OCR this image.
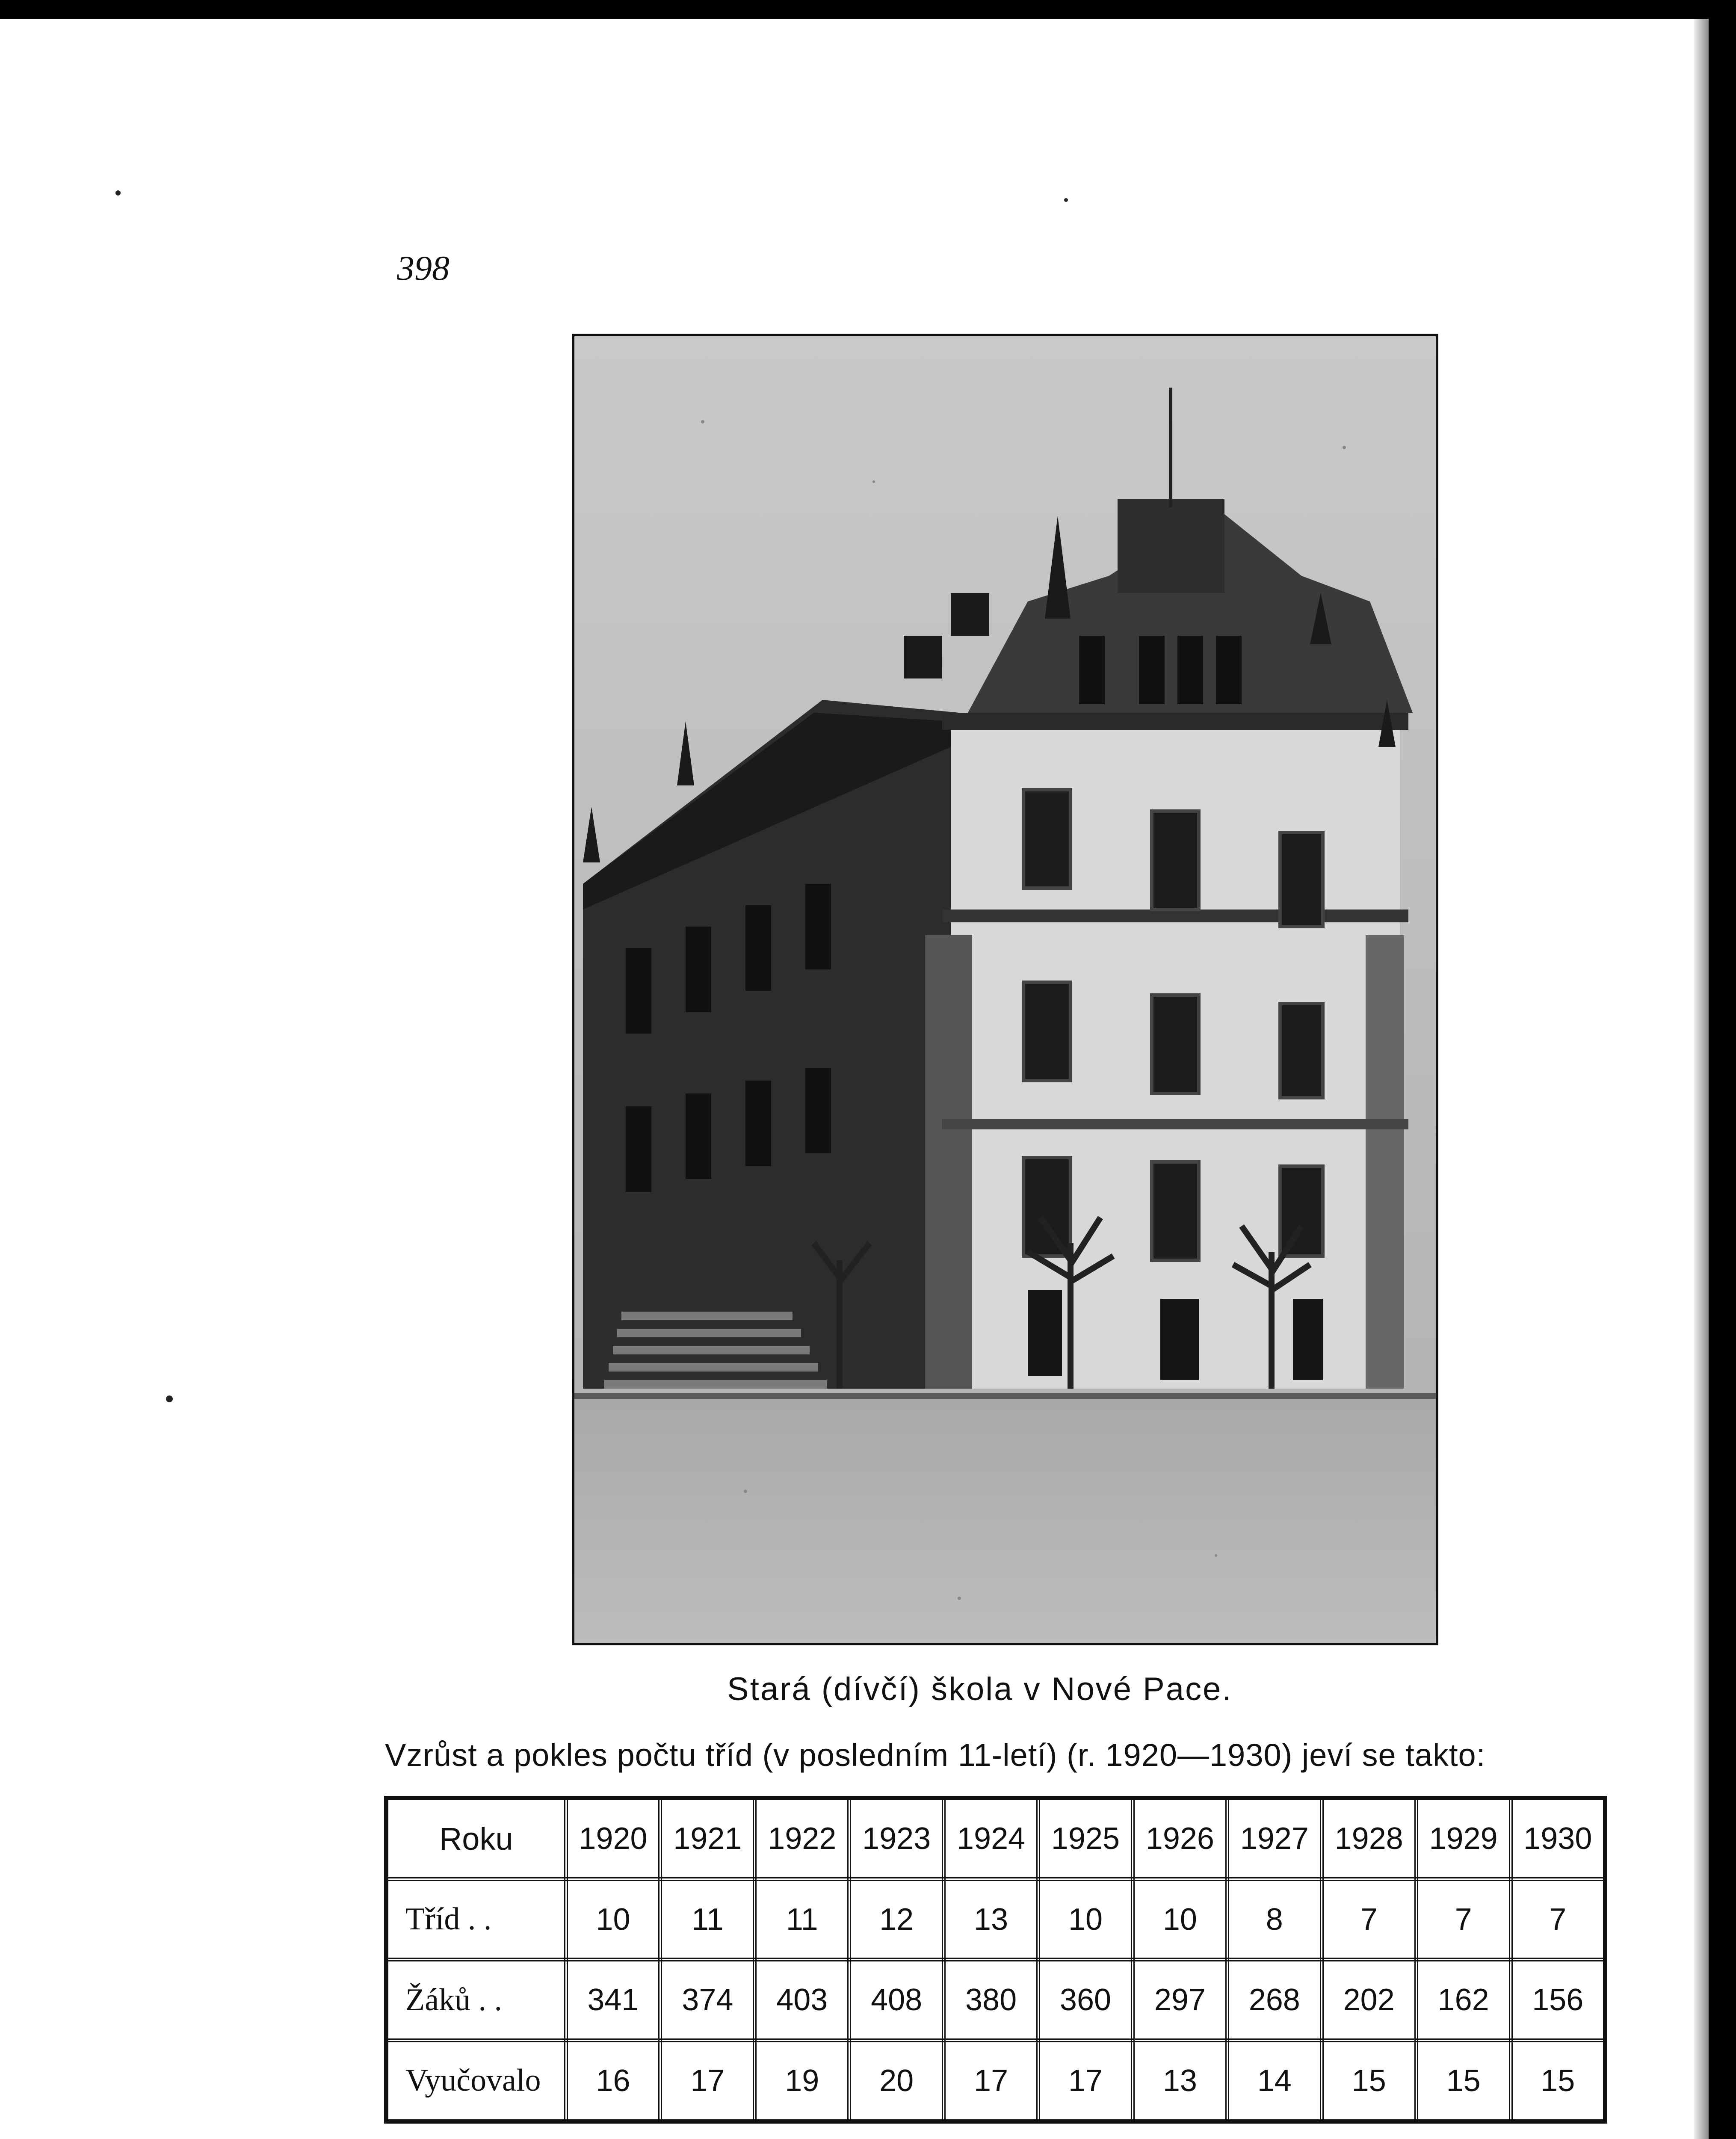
398
Stará (dívčí) škola v Nové Pace.
Vzrůst a pokles počtu tříd (v posledním 11-letí) (r. 1920—1930) jeví se takto:
Roku	1920	1921	1922	1923	1924	1925	1926	1927	1928	1929	1930
Tříd . .	10	11	11	12	13	10	10	8	7	7	7
Žáků . .	341	374	403	408	380	360	297	268	202	162	156
Vyučovalo	16	17	19	20	17	17	13	14	15	15	15
